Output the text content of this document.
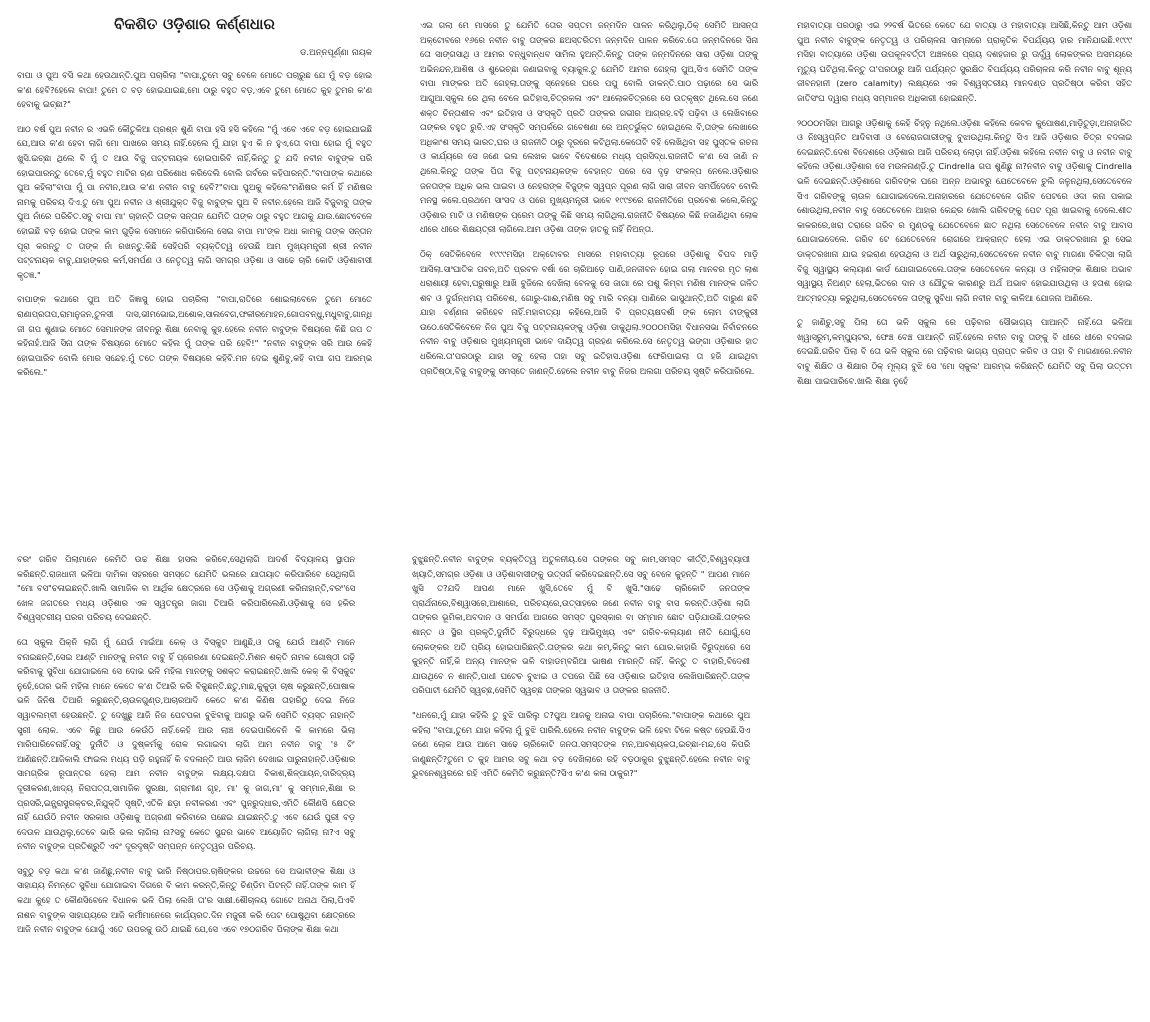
ବିକଶିତ ଓଡ଼ିଶାର କର୍ଣ୍ଣଧାର
ଡ.ଅନ୍ନପୂର୍ଣ୍ଣା ନାୟକ

ବାପା ଓ ପୁଅ ବସି କଥା ହେଉଥାନ୍ତି.ପୁଅ ପଚାରିଲା "ବାପା,ତୁମେ ସବୁ ବେଳେ ମୋତେ ପଚାରୁଛ ଯେ ମୁଁ ବଡ଼ ହୋଇ କ'ଣ ହେବି?ହେଲେ ବାପା! ତୁମେ ତ ବଡ଼ ହୋଇଯାଇଛ,ମୋ ଠାରୁ ବହୁତ ବଡ଼,ଏବେ ତୁମେ ମୋତେ କୁହ ତୁମର କ'ଣ ହେବାକୁ ଇଚ୍ଛା?"

ଆଠ ବର୍ଷ ପୁଅ ନବୀନ ର ଏଭଳି କୌତୁକିଆ ପ୍ରଶ୍ନ ଶୁଣି ବାପା ହସି ହସି କହିଲେ "ମୁଁ ଏବେ ଏବେ ବଡ଼ ହୋଇଯାଇଛି ଯେ,ଆଉ କ'ଣ ହେବା ଲାଗି ମୋ ପାଖରେ ସମୟ ନାହିଁ.ହେଲେ ମୁଁ ଯାହା ହୁଏ କି ନ ହୁଏ,ତୋ ବାପା ହୋଇ ମୁଁ ବହୁତ ଖୁସି.ଇଚ୍ଛା ଥିଲେ ବି ମୁଁ ତ ଆଉ ବିଜୁ ପଟ୍ଟନାୟକ ହୋଇପାରିବି ନାହିଁ,କିନ୍ତୁ ତୁ ଯଦି ନବୀନ ବାବୁଙ୍କ ପରି ହୋଇପାରନ୍ତୁ ତେବେ,ମୁଁ ବହୁତ ମାଟିର ଋଣ ପରିଶୋଧ କରିଦେଲି ବୋଲି ଗର୍ବରେ କହିପାରନ୍ତି."ବାପାଙ୍କ କଥାରେ ପୁଅ କହିଲା"ବାପା ମୁଁ ପା ନବୀନ,ଆଉ କ'ଣ ନବୀନ ବାବୁ ହେବି?"ବାପା ପୁଅକୁ କହିଲେ"ମଣିଷର କର୍ମ ହିଁ ମଣିଷର ନାମକୁ ପରିଚୟ ଦିଏ.ତୁ ମୋ ପୁଅ ନବୀନ ଓ ଶ୍ରୀଯୁକ୍ତ ବିଜୁ ବାବୁଙ୍କ ପୁଅ ବି ନବୀନ.ହେଲେ ଆଜି ବିଜୁବାବୁ ତାଙ୍କ ପୁଅ ନାଁରେ ପରିଚିତ.ସବୁ ବାପା ମା' ଚାହାନ୍ତି ତାଙ୍କ ସନ୍ତାନ ଯେମିତି ତାଙ୍କ ଠାରୁ ବହୁତ ଆଗକୁ ଯାଉ.ଛୋଟବେଳେ ହୋଇଛି ବଡ଼ ହୋଇ ତାଙ୍କ କାମ ଗୁଡ଼ିକ ସେମାନେ କରିପାରିଲେ ସେଇ ବାପା ମା'ଙ୍କ ଅଧା କାମକୁ ତାଙ୍କ ସନ୍ତାନ ପୂରା କରନ୍ତୁ ତ ତାଙ୍କ ନାଁ ରଖନ୍ତୁ.କିଛି ସେହିପରି ବ୍ୟକ୍ତିତ୍ୱ ହେଉଛି ଆମ ମୁଖ୍ୟମନ୍ତ୍ରୀ ଶ୍ରୀ ନବୀନ ପଟ୍ଟନାୟକ ବାବୁ,ଯାହାଙ୍କର କର୍ମ,ସମର୍ପଣ ଓ ନେତୃତ୍ୱ ଲାଗି ସମଗ୍ର ଓଡ଼ିଶା ଓ ସାଢେ ଚାରି କୋଟି ଓଡ଼ିଶାବାସୀ କୃତଜ୍ଞ."

ବାପାଙ୍କ କଥାରେ ପୁଅ ଅତି ଜିଜ୍ଞାସୁ ହୋଇ ପଚାରିଲା "ବାପା,ରାତିରେ ଶୋଇଲାବେଳେ ତୁମେ ମୋତେ ରାଣାପ୍ରତାପ,ରାମାନୁଜନ,ତୁଳସୀ ଦାସ,ଭୀମଭୋଇ,ଅଶୋକ,ସାଲବେଗ,ଫକୀରମୋହନ,ଗୋପବନ୍ଧୁ,ମଧୁବାବୁ,ଗାନ୍ଧି ଜୀ ଗପ ଶୁଣାଇ ମୋତେ ସେମାନଙ୍କ ଜୀବନରୁ ଶିକ୍ଷା ନେବାକୁ କୁହ.ହେଲେ ନବୀନ ବାବୁଙ୍କ ବିଷୟରେ କିଛି ଗପ ତ କହିନାହଁ.ଆଜି ସିନା ତାଙ୍କ ବିଷୟରେ ମୋତେ କହିଲ ମୁଁ ତାଙ୍କ ପରି ହେବି!" "ନବୀନ ବାବୁଙ୍କ ସରି ଆଉ କେହି ହୋଇପାରିବ ବୋଲି ମୋର ସନ୍ଦେହ.ମୁଁ ତତେ ତାଙ୍କ ବିଷୟରେ କହିବି.ମନ ଦେଇ ଶୁଣିବୁ,କହି ବାପା ଗପ ଆରମ୍ଭ କରିଲେ."

ଏଇ ଗଲା ମେ ମାସରେ ତୁ ଯେମିତି ତୋର ସପ୍ତମ ଜନ୍ମଦିନ ପାଳନ କରିଥିଲୁ,ଠିକ୍ ସେମିତି ଆସନ୍ତା ଅକ୍ଟୋବରେ ୧୬ରେ ନବୀନ ବାବୁ ତାଙ୍କର ଛଅସ୍ତରିତମ ଜନ୍ମଦିନ ପାଳନ କରିବେ.ତୋ ଜନ୍ମଦିନରେ ସିନା ତୋ ସାଙ୍ଗସାଥି ଓ ଆମର ବନ୍ଧୁବାନ୍ଧବ ସାମିଲ ହୁଅନ୍ତି.କିନ୍ତୁ ତାଙ୍କ ଜନ୍ମଦିନରେ ସାରା ଓଡ଼ିଶା ତାଙ୍କୁ ଅଭିନନ୍ଦନ,ଆଶିଷ ଓ ଶୁଭେଚ୍ଛା ଜଣାଇବାକୁ ବ୍ୟାକୁଳ.ତୁ ଯେମିତି ଆମର ଗେହ୍ଲା ପୁଅ,ସିଏ ସେମିତି ତାଙ୍କ ବାପା ମାଙ୍କର ଅତି ଗେହ୍ଲା.ତାଙ୍କୁ ସ୍ନେହରେ ଘରେ ପପୁ ବୋଲି ଡାକନ୍ତି.ପାଠ ପଢ଼ାରେ ସେ ଭାରି ଆଗୁଆ.ସ୍କୁଲ ରେ ଥିଲା ବେଳେ ଇତିହାସ,ଚିତ୍ରକଳା ଏବଂ ଆଲୋକଚିତ୍ରରେ ସେ ଉତ୍କୃଷ୍ଟ ଥିଲେ.ସେ ଜଣେ ଶକ୍ତ ଚିନ୍ତାଶୀଳ ଏବଂ ଇତିହାସ ଓ ସଂସ୍କୃତି ପ୍ରତି ତାଙ୍କର ଗଭୀର ଆଗ୍ରହ.ବହି ପଢ଼ିବା ଓ ଲେଖିବାରେ ତାଙ୍କର ବହୁତ ରୁଚି.ଏହ ସଂସ୍କୃତି ସମ୍ପର୍କରେ ଗବେଷଣା ରେ ଅନ୍ତର୍ଭୁକ୍ତ ହୋଇଥିଲେ ବି,ତାଙ୍କ ଲେଖାରେ ଅଧିକାଂଶ ସମୟ ଭାରତ,ଘର ଓ ରାଜନୀତି ଠାରୁ ଦୂରରେ କଟିଥିଲା.କେତୋଟି ବହି ଲେଖିଥିବା ସହ ପୁସ୍ତକ ରଚନା ଓ କାର୍ଯ୍ୟରେ ସେ ଜଣେ ଭଲ ଲେଖକ ଭାବେ ବିଦେଶରେ ମଧ୍ୟ ପ୍ରସିଦ୍ଧ.ରାଜନୀତି କ'ଣ ସେ ଜାଣି ନ ଥିଲେ.କିନ୍ତୁ ତାଙ୍କ ପିତା ବିଜୁ ପଟ୍ଟନାୟକଙ୍କ ବେହାନ୍ତ ପରେ ସେ ଦୃଢ଼ ସଂକଳ୍ପ ନେଲେ.ଓଡ଼ିଶାର ଜନତାଙ୍କ ଅଧିକ ଭଲ ପାଇବା ଓ ନେହରାଙ୍କ ବିଜୁଙ୍କ ସ୍ୱପ୍ନ ପୂରଣ ଲାଗି ସାରା ଜୀବନ ସମର୍ପିଦେବେ ବୋଲି ମନସ୍ଥ କଲେ.ପ୍ରଥମେ ସାଂସଦ ଓ ପରେ ମୁଖ୍ୟମନ୍ତ୍ରୀ ଭାବେ ୧୯୯୭ରେ ରାଜନୀତିରେ ପ୍ରବେଶ କଲେ,କିନ୍ତୁ ଓଡ଼ିଶାର ମାଟି ଓ ମଣିଷଙ୍କ ପ୍ରେମ ତାଙ୍କୁ କିଛି ସମୟ ଲାଗିଥିଲା.ରାଜନୀତି ବିଷୟରେ କିଛି ନଜାଣିଥିବା ଲୋକ ଧୀରେ ଧୀରେ ଶିକ୍ଷୟତ୍ରୀ ଲାଗିଲେ.ଆମ ଓଡ଼ିଶା ତାଙ୍କ ହାତକୁ ନାହିଁ ନିଅନ୍ତା.

ଠିକ୍ ସେତିକିବେଳେ ୧୯୯୯ମସିହା ଅକ୍ଟୋବର ମାସରେ ମହାବାତ୍ୟା ରୂପରେ ଓଡ଼ିଶାକୁ ବିପଦ ମାଡ଼ି ଆସିଲା.ସାଂଘାତିକ ପବନ,ଅତି ପ୍ରବଳ ବର୍ଷା ରେ ଚାରିଆଡ଼େ ପାଣି,ଜନଜୀବନ ହୋଇ ଗଲା ମାନବର ମୃତ ଲାଶ ଧରାଶାୟୀ ହେବା,ଘରୁଷାରୁ ଆଖି ବୁଜିଲେ ଦେଖିଲା ବେଳକୁ ସେ ଜାଗା ରେ ପଶୁ କିମ୍ବା ମଣିଷ ମାନଙ୍କ ଗଳିତ ଶବ ଓ ଦୁର୍ଗନ୍ଧମୟ ପରିବେଶ, ଗୋରୁ-ଗାଈ,ମଣିଷ ସବୁ ମାରି ବନ୍ୟା ପାଣିରେ ଭାସୁଥାନ୍ତି,ଅତି ଦାରୁଣ ଛବି ଯାହା ବର୍ଣ୍ଣନା କରିହେବ ନାହିଁ.ମହାବାତ୍ୟା କହିଲେ,ଆଜି ବି ପ୍ରତ୍ୟକ୍ଷଦର୍ଶୀ ଙ୍କ ଲୋମ ଟାଙ୍କୁରୀ ଉଠେ.ସେତିକିବେଳେ ନିଜ ପୁଅ ବିଜୁ ପଟ୍ଟନାୟକଙ୍କୁ ଓଡ଼ିଶା ଡାକୁଥିଲା.୨୦୦୦ମସିହା ବିଧାନସଭା ନିର୍ବାଚନରେ ନବୀନ ବାବୁ ଓଡ଼ିଶାର ମୁଖ୍ୟମନ୍ତ୍ରୀ ଭାବେ ଦାୟିତ୍ୱ ଗ୍ରହଣ କରିଲେ.ସେ ନେତୃତ୍ୱ ଭଙ୍ଗା ଓଡ଼ିଶାର ହାତ ଧରିଲେ.ତା'ପରଠାରୁ ଯାହା ସବୁ ହେଲା ତାହା ସବୁ ଇତିହାସ.ଓଡ଼ିଶା ଫେରିପାଇଲା ତା ହଜି ଯାଇଥିବା ପ୍ରତିଷ୍ଠା,ବିଜୁ ବାବୁଙ୍କୁ ସମସ୍ତେ ଜାଣନ୍ତି.ହେଲେ ନବୀନ ବାବୁ ନିଜର ଅଲଗା ପରିଚୟ ସୃଷ୍ଟି କରିପାରିଲେ.

ମହାବାତ୍ୟା ପରଠାରୁ ଏଇ ୨୨ବର୍ଷ ଭିତରେ କେତେ ଯେ ବାତ୍ୟା ଓ ମହାବାତ୍ୟା ଆସିଛି,କିନ୍ତୁ ଆମ ଓଡ଼ିଶା ପୁଅ ନବୀନ ବାବୁଙ୍କ ନେତୃତ୍ୱ ଓ ପରିଚାଳନା ସାମ୍ନାରେ ପ୍ରାକୃତିକ ବିପର୍ଯ୍ୟୟ ହାର ମାନିଯାଇଛି.୧୯୯୯ ମସିହା ବାତ୍ୟାରେ ଓଡ଼ିଶା ଉପକୂଳବର୍ତ୍ତୀ ଅଞ୍ଚଳରେ ପ୍ରାୟ ଦଶହଜାର ରୁ ଊର୍ଦ୍ଧ୍ୱ ଲୋକଙ୍କର ଅସମୟରେ ମୃତ୍ୟୁ ଘଟିଥିଲା.କିନ୍ତୁ ତା'ପରଠାରୁ ଆଜି ପର୍ଯ୍ୟନ୍ତ ସୁରକ୍ଷିତ ବିପର୍ଯ୍ୟୟ ପରିଚାଳନା କରି ନବୀନ ବାବୁ ଶୂନ୍ୟ ଜୀବନହାନୀ (zero calamity) ଲକ୍ଷ୍ୟରେ ଏକ ବିଶ୍ୱସ୍ତରୀୟ ମାନଦଣ୍ଡ ପ୍ରତିଷ୍ଠା କରିବା ସହିତ ଜାତିସଂଘ ଦ୍ୱାରା ମଧ୍ୟ ସମ୍ମାନର ଅଧିକାରୀ ହୋଇଛନ୍ତି.

୨୦୦୦ମସିହା ଆଗରୁ ଓଡ଼ିଶାକୁ କେହି ଚିହ୍ନୁ ନଥିଲେ.ଓଡ଼ିଶା କହିଲେ କେବଳ କୁପୋଷଣ,ମାଡ଼ିତୁଡ଼ା,ଅନାହାରିତ ଓ ନିଃସ୍ୱପ୍ନିତ ଆଦିବାସୀ ଓ ବେରୋଜଗାରୀଙ୍କୁ ବୁଝାଉଥିଲା.କିନ୍ତୁ ସିଏ ଆଜି ଓଡ଼ିଶାର ଚିତ୍ର ବଦଳାଇ ଦେଇଛନ୍ତି.ଦେଶ ବିଦେଶରେ ଓଡ଼ିଶାର ଆଜି ପରିଚୟ ଲୋଡ଼ା ନାହିଁ.ଓଡ଼ିଶା କହିଲେ ନବୀନ ବାବୁ ଓ ନବୀନ ବାବୁ କହିଲେ ଓଡ଼ିଶା.ଓଡ଼ିଶାର ସେ ମଉଳନାଣ୍ଡି.ତୁ Cindrella ଗପ ଶୁଣିଛୁ ନା?ନବୀନ ବାବୁ ଓଡ଼ିଶାକୁ Cindrella ଭଳି ଦେଇଛନ୍ତି.ଓଡ଼ିଶାରେ ଗରିବଙ୍କ ଘରେ ଅନ୍ନ ଅଭାବରୁ ଯେତେବେଳେ ଚୁଲି ଜଳୁନଥିଲା,ସେତେବେଳେ ସିଏ ଗରିବଙ୍କୁ ଚାଉଳ ଯୋଗାଇଦେଲେ.ଅନାହାରରେ ଯେତେବେଳେ ଗରିବ ପେଟରେ ଓଦା କନା ପକାଇ ଶୋଉଥିଲା,ନବୀନ ବାବୁ ସେତେବେଳେ ଆହାର କେନ୍ଦ୍ର ଖୋଲି ଗରିବଙ୍କୁ ପେଟ ପୂରା ଖାଇବାକୁ ଦେଲେ.ଶୀତ କାକରରେ,ଖରା ତରାରେ ଗରିବ ର ମୁଣ୍ଡକୁ ଯେତେବେଳେ ଛାତ ନଥିଲା ସେତେବେଳେ ନବୀନ ବାବୁ ଆବାସ ଯୋଗାଇଦେଲେ. ଗରିବ ଟେ ଯେତେବେଳେ ରୋଗରେ ଆକ୍ରାନ୍ତ ହେଲା ଏଇ ଡାକ୍ତରଖାନା ରୁ ସେଇ ଡାକ୍ତରଖାନା ଯାଇ ହଇରାଣ ହେଉଥିଲା ଓ ଅର୍ଥ ସାରୁଥିଲା,ସେତେବେଳେ ନବୀନ ବାବୁ ମାଗଣା ଚିକିତ୍ସା ଲାଗି ବିଜୁ ସ୍ୱାସ୍ଥ୍ୟ କଲ୍ୟାଣ କାର୍ଡ ଯୋଗାଇଦେଲେ.ତାଙ୍କ ସେତେବେଳେ କନ୍ୟା ଓ ମହିଳାଙ୍କ ଶିକ୍ଷାର ଅଭାବ ସ୍ୱାସ୍ଥ୍ୟ ନିଅଣ୍ଟ ହେଲା,ଭିତରେ ଦାନ ଓ ଯୌତୁକ କାରଣରୁ ଅର୍ଥ ଅଭାବ ହୋଇଯାଉଥିଲା ଓ ହତାଶ ହୋଇ ଆତ୍ମହତ୍ୟା କରୁଥିଲା,ସେତେବେଳେ ତାଙ୍କୁ ସୁବିଧା ଲାଗି ନବୀନ ବାବୁ କାଳିଆ ଯୋଜନା ଆଣିଲେ.

ତୁ ଜାଣିଚୁ,ସବୁ ପିଲା ତୋ ଭଳି ସ୍କୁଲ ରେ ପଢ଼ିବାର ସୌଭାଗ୍ୟ ପାଆନ୍ତି ନାହିଁ.ତୋ ଭଳିଆ ଖ୍ୱାସରୁମ୍,କମ୍ପ୍ୟୁଟର, ଫେଞ୍ଚ ବେଞ୍ଚ ପାଆନ୍ତି ନାହିଁ.ହେଲେ ନବୀନ ବାବୁ ତାଙ୍କୁ ବି ଧୀରେ ଧୀରେ ବଦଳାଇ ଦେଇଛି.ଗରିବ ପିଲା ବି ତୋ ଭଳି ସ୍କୁଲ ରେ ପଢ଼ିବାର ଭାଗ୍ୟ ପ୍ରାପ୍ତ କରିବ ଓ ତାହା ବି ମାଗଣାରେ.ନବୀନ ବାବୁ ଶିକ୍ଷିତ ଓ ଶିକ୍ଷାର ଠିକ୍ ମୂଲ୍ୟ ବୁଝି ସେ 'ମୋ ସ୍କୁଲ' ଆରମ୍ଭ କରିଛନ୍ତି ଯେମିତି ସବୁ ପିଲା ଉତ୍ତମ ଶିକ୍ଷା ପାଇପାରିବେ.ଖାଲି ଶିକ୍ଷା ନୁହେଁ

ବରଂ ଗରିବ ପିଲାମାନେ କେମିତି ଉଚ୍ଚ ଶିକ୍ଷା ହାସଲ କରିବେ,ସେଥିଲାଗି ଆଦର୍ଶ ବିଦ୍ୟାଳୟ ସ୍ଥାପନ କରିଛନ୍ତି.ରାଜଧାନୀ ଭଳିଆ ଦାମିକା ସହରରେ ସମସ୍ତେ ଯେମିତି ଭଲରେ ଯାତାୟାତ କରିପାରିବେ ସେଥିଲାଗି "ମୋ ବସ"ଚଳାଇଛନ୍ତି.ଖାଲି ସାମାଜିକ ବା ଆର୍ଥିକ କ୍ଷେତ୍ରରେ ସେ ଓଡ଼ିଶାକୁ ଅଗ୍ରଣୀ କରିନାହାନ୍ତି,ବରଂ'ସେ ଖେଳ ଜଗତରେ ମଧ୍ୟ ଓଡ଼ିଶାର ଏକ ସ୍ୱତନ୍ତ୍ର ଜାଗା ତିଆରି କରିପାରିଲେଣି.ଓଡ଼ିଶାକୁ ସେ ହକିର ବିଶ୍ୱସ୍ତରୀୟ ଘରର ପରିଚୟ ଦେଇଛନ୍ତି.

ତୋ ସ୍କୁଲ ପିକ୍‌ନି ଲାଗି ମୁଁ ଯେଉଁ ମାଇଁଆ କେକ୍ ଓ ବିସ୍କୁଟ ଆଣୁଛି,ଓ ତାକୁ ଯେଉଁ ଆଣ୍ଟି ମାନେ ବନାଇଛନ୍ତି,ସେଇ ଆଣ୍ଟି ମାନଙ୍କୁ ନବୀନ ବାବୁ ହିଁ ପ୍ରେରଣା ଦେଇଛନ୍ତି.ମିଶନ ଶକ୍ତି ନାମକ ଗୋଷ୍ଠୀ ଗଢ଼ି କରିବାକୁ ସୁବିଧା ଯୋଗାଇଲେ ସେ ଦୋଭ ଭଳି ମହିଳା ମାନଙ୍କୁ ସଶକ୍ତ କରାଇଛନ୍ତି.ଖାଲି କେକ୍ କି ବିସ୍କୁଟ ନୁହେଁ,ତୋର ଭଳି ମହିଳା ମାନେ କେତେ କ'ଣ ତିଆରି କରି ବିକୁଛନ୍ତି.ଛତୁ,ମାଛ,କୁକୁଡ଼ା ଚାଷ କରୁଛନ୍ତି,ପୋଷାକ ଭଳି ଜିନିଷ ତିଆରି କରୁଛନ୍ତି,ଚାଉଳଗୁଣ୍ଡ,ଆଚାରଆଦି କେତେ କ'ଣ କିଣିଷ ତାହାରିଠୁ ଦେଇ ନିଜେ ସ୍ୱାବଲମ୍ବୀ ହେଉଛନ୍ତି. ତୁ ଦେଖୁଛୁ ଆଜି ନିଜ ପେଟପକା ବୁଝିବାକୁ ଆଗରୁ ଭଳି ସେମିତି ବ୍ୟସ୍ତ ନାହାନ୍ତି ସ୍ତ୍ରୀ ଲୋକ. ଏବେ କିଛୁ ଆଉ କେଉଁଠି ନାହିଁ.କେହି ଆଉ ଲାଞ୍ଚ ଦେଇପାରିବେନି କି କାମରେ ଭିଲା ମାରିପାରିବେନାହିଁ.ସବୁ ଦୁର୍ନୀତି ଓ ଦୁଷ୍କର୍ମକୁ ରୋକ ଲଗାଇବା ଲାଗି ଆମ ନବୀନ ବାବୁ '୫ ଟି' ଆଣିଛନ୍ତି.ଆଜିକାଲି ଫାଇଲ ମଧ୍ୟ ପଡ଼ି ରହୁନାହିଁ କି ବଦଳାନ୍ତି ଆଉ ଲାଜିମ ଦେଖାଇ ପାରୁନାହାନ୍ତି.ଓଡ଼ିଶାର ସାମଗ୍ରିକ ରୂପାନ୍ତର ହେଲା ଆମ ନବୀନ ବାବୁଙ୍କ ଲକ୍ଷ୍ୟ.ଦକ୍ଷତା ବିକାଶ,ଶିଳ୍ପାୟନ,ଦାରିଦ୍ର୍ୟ ଦୂରୀକରଣ,ଖାଦ୍ୟ ନିରାପତ୍ତା,ସାମାଜିକ ସୁରକ୍ଷା, ଗ୍ରାମୀଣ ଗୃହ, ମା' କୁ ଜାଗ,ମା' କୁ ସମ୍ମାନ,ଶିକ୍ଷା ର ପ୍ରସରି,ଇନ୍ଫ୍ରାସ୍ଟ୍ରକ୍ଚର,ନିଯୁକ୍ତି ସୃଷ୍ଟି,ଏତିକି ଛଡ଼ା ନବୀକରଣ ଏବଂ ପୁନରୁଦ୍ଧାର,ଏମିତି କୌଣସି କ୍ଷେତ୍ର ନାହିଁ ଯେଉଁଠି ନବୀନ ସରକାର ଓଡ଼ିଶାକୁ ଅଗ୍ରଣୀ କରିବାରେ ପଛେଇ ଯାଇଛନ୍ତି.ତୁ ଏବେ ଯେଉଁ ପୁରୀ ବଡ଼ ଦେଉଳ ଯାଉଥିଲୁ,ତେବେ ଭାରି ଭଲ ଲାଗିଲା ନା?ସବୁ କେତେ ସୁନ୍ଦର ଭାବେ ଆୟୋଜିତ ଲାଗିଲା ନା?ଏ ସବୁ ନବୀନ ବାବୁଙ୍କ ପ୍ରତିଶ୍ରୁତି ଏବଂ ଦୂରଦୃଷ୍ଟି ସମ୍ପନ୍ନ ନେତୃତ୍ୱର ପରିଚୟ.

ସବୁଠୁ ବଡ଼ କଥା କ'ଣ ଜାଣିଛୁ,ନବୀନ ବାବୁ ଭାରି ନିଷ୍ଠାପର.ଚାଷିଙ୍କର ଉଚ୍ଚରେ ସେ ଅଭାବୀଙ୍କ ଶିକ୍ଷା ଓ ସାହାଯ୍ୟ ନିମନ୍ତେ ସୁବିଧା ଯୋଗାଇବା ଦିଗରେ ବି କାମ କରନ୍ତି,କିନ୍ତୁ ଚିଣ୍ଡିମ ପିଟନ୍ତି ନାହିଁ.ତାଙ୍କ କାମ ହିଁ କଥା କୁହେ ତ କୌଣସିବେଳେ ବିଧାନକ ଭଳି ପିଲା ଲେଖି ତା'ର ସାକ୍ଷୀ.ଶୌଚାଳୟ ଗୋଟେ ଅନାଥ ପିଲା,ପିଏବି ନାଶନ ବାବୁଙ୍କ ସାହାଯ୍ୟରେ ଆଜି କର୍ମୀମାନେରେ କାର୍ଯ୍ୟରତ.ଦିନ ମଜୁରୀ କରି ପେଟ ପୋଷୁଥିବା କ୍ଷେତ୍ରରେ ଆଜି ନବୀନ ବାବୁଙ୍କ ଯୋଗୁଁ ଏତେ ଉପରକୁ ଉଠି ଯାଇଛି ଯେ,ସେ ଏବେ ୧୭୦ଗରିବ ପିଲାଙ୍କ ଶିକ୍ଷା କଥା

ବୁଝୁଛନ୍ତି.ନବୀନ ବାବୁଙ୍କ ବ୍ୟକ୍ତିତ୍ୱ ଅତୁଳନୀୟ.ସେ ତାଙ୍କର ସବୁ କାମ,ସମସ୍ତ କୀର୍ତ୍ତି,ବିଶ୍ୱବ୍ୟାପୀ ଖ୍ୟାତି,ସମଗ୍ର ଓଡ଼ିଶା ଓ ଓଡ଼ିଶାବାସୀଙ୍କୁ ଉତ୍ସର୍ଗ କରିଦେଇଛନ୍ତି.ସେ ସବୁ ବେଳେ କୁହନ୍ତି " ଆପଣ ମାନେ ଖୁସି ତ?ଯଦି ଆପଣ ମାନେ ଖୁସି,ତେବେ ମୁଁ ବି ଖୁସି."ସାଢେ ଚାରିକୋଟି ଜନତାଙ୍କ ପ୍ରାର୍ଥନାରେ,ବିଶ୍ୱାସରେ,ଆଶାରେ, ପରିଚୟରେ,ଉତ୍ସାହରେ ଜଣେ ନବୀନ ବାବୁ ବାସ କରନ୍ତି.ଓଡ଼ିଶା ଲାଗି ତାଙ୍କର ଭୂମିକା,ଅବଦାନ ଓ ସମର୍ପଣ ଆଗରେ ସମସ୍ତ ପୁରସ୍କାର ବା ସମ୍ମାନ ଛୋଟ ପଡ଼ିଯାଉଛି.ତାଙ୍କର ଶାନ୍ତ ଓ ସ୍ଥିର ପ୍ରକୃତି,ଦୁର୍ନୀତି ବିରୁଦ୍ଧରେ ଦୃଢ଼ ଆଭିମୁଖ୍ୟ ଏବଂ ଗରିବ-କଲ୍ୟାଣ ନୀତି ଯୋଗୁଁ,ସେ ଲୋକଙ୍କର ଅତି ପ୍ରିୟ ହୋଇପାରିଛନ୍ତି.ତାଙ୍କର କଥା କମ୍,କିନ୍ତୁ କାମ ଯୋର.କାହାରି ବିରୁଦ୍ଧରେ ସେ କୁହନ୍ତି ନାହିଁ,କି ଅନ୍ୟ ମାନଙ୍କ ଭଳି ବାହାଡମ୍ବରିଆ ଭାଷଣ ମାରନ୍ତି ନାହିଁ. କିନ୍ତୁ ତ ବାହାରି,ବିଦେଶୀ ଯାଉଥିବେ ନ ଶାନ୍ତି,ପାଧୀ ଘଟେଚ ବୁଝାଇ ଓ ତପରେ ପିଛି ସେ ଓଡ଼ିଶାର ଇତିହାସ ଲେଖିପାରିଛନ୍ତି.ତାଙ୍କ ପରିପାଟୀ ଯେମିତି ସ୍ୱଚ୍ଛ,ସେମିତି ସ୍ୱଚ୍ଛ ତାଙ୍କର ସ୍ୱଭାବ ଓ ତାଙ୍କର ରାଜନୀତି.

"ଧନରେ,ମୁଁ ଯାହା କହିଲି ତୁ ବୁଝି ପାରିଲୁ ତ?ପୁଅ ଆଜକୁ ଅନାଇ ବାପା ପଚାରିଲେ."ବାପାଙ୍କ କଥାରେ ପୁଅ କହିଲା "ବାପା,ତୁମେ ଯାହା କହିଲା ମୁଁ ବୁଝି ପାରିଲି.ହେଲେ ନବୀନ ବାବୁଙ୍କ ଭଳି ହେବା ଟିକେ କଷ୍ଟ ହେଉଛି.ସିଏ ଜଣେ ଲୋକ ଆଉ ଆମେ ସାଢେ ଚାରିକୋଟି ଜନତା.ସମସ୍ତଙ୍କ ମନ,ଆବଶ୍ୟକତା,ଇଚ୍ଛା-ମନ୍ଦ,ସେ କିପରି ଜାଣୁଛନ୍ତି?ତୁମେ ତ କୁହ ଆମର ସବୁ କଥା ବଡ଼ ଦେଖିଲାରେ ରହି ବଡ଼ଠାକୁର ବୁଝୁଛନ୍ତି.ହେଲେ ନବୀନ ବାବୁ ଭୁବନେଶ୍ୱରରେ ରହି ଏମିତି କେମିତି କରୁଛନ୍ତି?ସିଏ କ'ଣ କଳା ଠାକୁର?"
